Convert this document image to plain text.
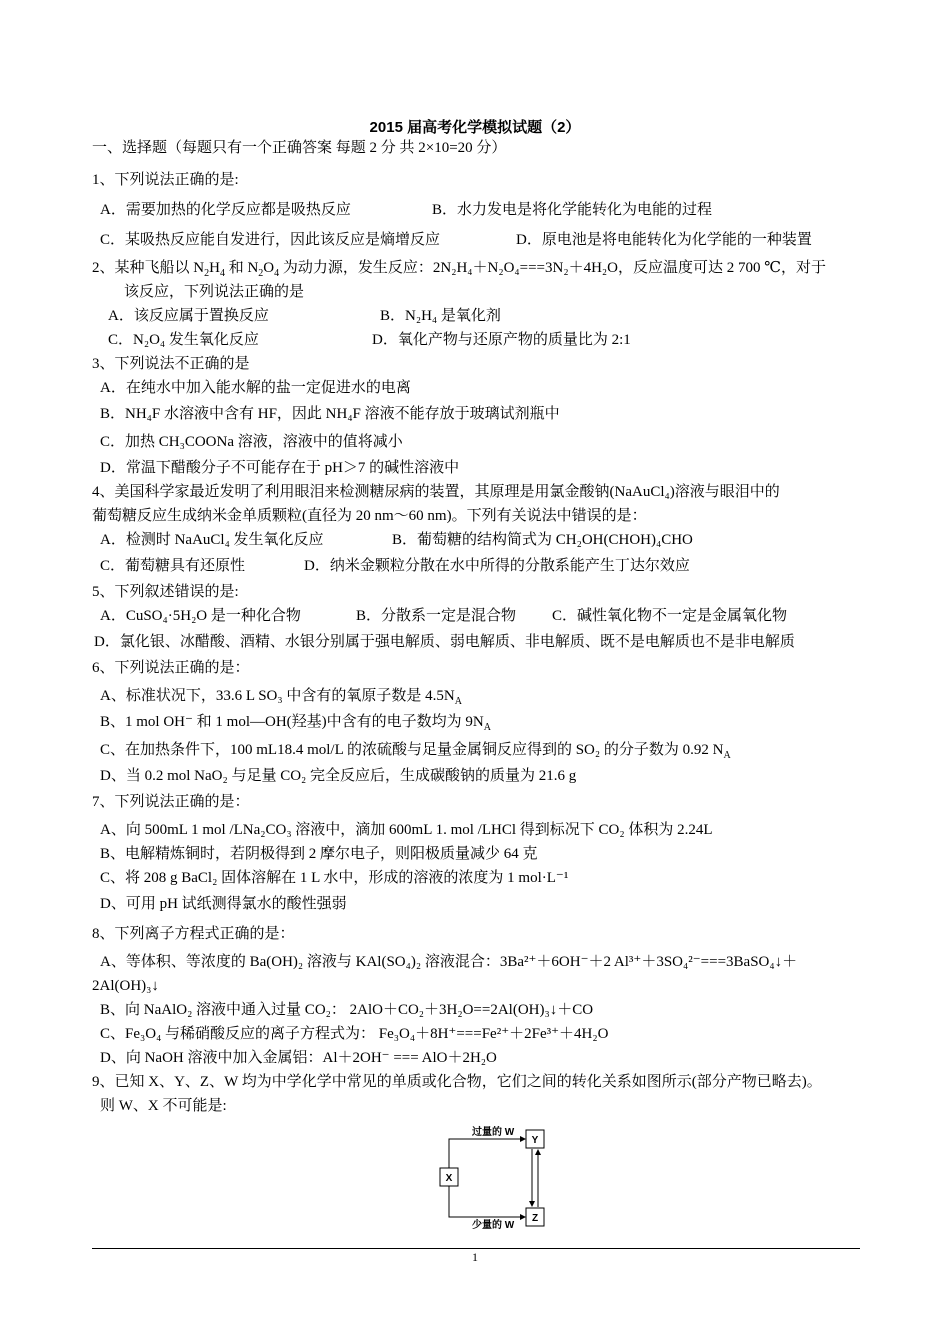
2015 届高考化学模拟试题（2）
一、选择题（每题只有一个正确答案 每题 2 分 共 2×10=20 分）
1、下列说法正确的是:
A．需要加热的化学反应都是吸热反应	B．水力发电是将化学能转化为电能的过程
C．某吸热反应能自发进行，因此该反应是熵增反应	D．原电池是将电能转化为化学能的一种装置
2、某种飞船以 $N_2H_4$ 和 $N_2O_4$ 为动力源，发生反应：2N₂H₄＋N₂O₄===3N₂＋4H₂O，反应温度可达 2 700 ℃，对于
该反应，下列说法正确的是
A．该反应属于置换反应	B．N₂H₄ 是氧化剂
C．N₂O₄ 发生氧化反应	D．氧化产物与还原产物的质量比为 2:1
3、下列说法不正确的是
A．在纯水中加入能水解的盐一定促进水的电离
B．NH₄F 水溶液中含有 HF，因此 NH₄F 溶液不能存放于玻璃试剂瓶中
C．加热 CH₃COONa 溶液，溶液中的值将减小
D．常温下醋酸分子不可能存在于 pH＞7 的碱性溶液中
4、美国科学家最近发明了利用眼泪来检测糖尿病的装置，其原理是用氯金酸钠(NaAuCl₄)溶液与眼泪中的
葡萄糖反应生成纳米金单质颗粒(直径为 20 nm～60 nm)。下列有关说法中错误的是：
A．检测时 NaAuCl₄ 发生氧化反应	B．葡萄糖的结构简式为 CH₂OH(CHOH)₄CHO
C．葡萄糖具有还原性	D．纳米金颗粒分散在水中所得的分散系能产生丁达尔效应
5、下列叙述错误的是:
A．CuSO₄·5H₂O 是一种化合物	B．分散系一定是混合物 C．碱性氧化物不一定是金属氧化物
D．氯化银、冰醋酸、酒精、水银分别属于强电解质、弱电解质、非电解质、既不是电解质也不是非电解质
6、下列说法正确的是：
A、标准状况下，33.6 L SO₃ 中含有的氧原子数是 $4.5N_A$
B、1 mol OH⁻ 和 1 mol—OH(羟基)中含有的电子数均为 $9N_A$
C、在加热条件下，100 mL18.4 mol/L 的浓硫酸与足量金属铜反应得到的 SO₂ 的分子数为 0.92 $N_A$
D、当 0.2 mol NaO₂ 与足量 CO₂ 完全反应后，生成碳酸钠的质量为 21.6 g
7、下列说法正确的是：
A、向 500mL 1 mol /LNa₂CO₃ 溶液中，滴加 600mL 1. mol /LHCl 得到标况下 CO₂ 体积为 2.24L
B、电解精炼铜时，若阴极得到 2 摩尔电子，则阳极质量减少 64 克
C、将 208 g BaCl₂ 固体溶解在 1 L 水中，形成的溶液的浓度为 1 mol·L⁻¹
D、可用 pH 试纸测得氯水的酸性强弱
8、下列离子方程式正确的是：
A、等体积、等浓度的 Ba(OH)₂ 溶液与 KAl(SO₄)₂ 溶液混合：3Ba²⁺＋6OH⁻＋2 Al³⁺＋3SO₄²⁻===3BaSO₄↓＋
2Al(OH)₃↓
B、向 NaAlO₂ 溶液中通入过量 CO₂： 2AlO＋CO₂＋3H₂O==2Al(OH)₃↓＋CO
C、Fe₃O₄ 与稀硝酸反应的离子方程式为： Fe₃O₄＋8H⁺===Fe²⁺＋2Fe³⁺＋4H₂O
D、向 NaOH 溶液中加入金属铝：Al＋2OH⁻ === AlO＋2H₂O
9、已知 X、Y、Z、W 均为中学化学中常见的单质或化合物，它们之间的转化关系如图所示(部分产物已略去)。
则 W、X 不可能是:
X
Y
Z
过量的 W
少量的 W
1
